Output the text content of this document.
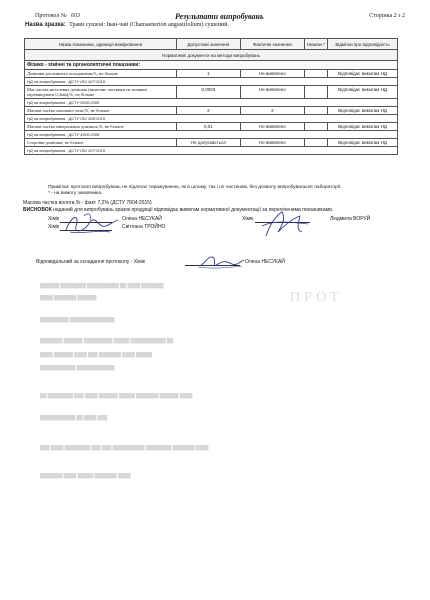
Протокол № 603	Результати випробувань	Сторінка 2 з 2
Назва зразка: Трави сушені: Іван-чай (Chamaenerion angustifolium) сушений.
Назва показника, одиниця вимірювання	Допустимі значення	Фактичні значення	Невизн.*	Відмітки про відповідність
Нормативні документи на методи випробувань				
Фізико - хімічні та органолептичні показники:				
Домішки рослинного походження,%, не більше	1	Не виявлено		Відповідає вимогам НД
НД на випробування : ДСТУ ISO 927:2015				
Мас.частка металевих домішок (включно частинки не повинні перевищувати 0,3мм),%, не більше	0,0003	Не виявлено		Відповідає вимогам НД
НД на випробування : ДСТУ 5020:2008				
Масова частка загальної золи,%, не більше	2	2		Відповідає вимогам НД
НД на випробування : ДСТУ ISO 928:2015				
Масова частка мінеральних домішок,%, не більше	0,01	Не виявлено		Відповідає вимогам НД
НД на випробування : ДСТУ 4910:2008				
Сторонні домішки, не більше	Не допускається	Не виявлено		Відповідає вимогам НД
НД на випробування : ДСТУ ISO 927:2015				
Примітки: протокол випробувань не підлягає тиражуванню, як в цілому, так і по частинам, без дозволу випробувальної лабораторії.
* - на вимогу замовника.
Масова частка вологи,% - факт 7,2% (ДСТУ 7804:2015)
ВИСНОВОК наданий для випробувань зразок продукції відповідає вимогам нормативної документації за переліченими показниками.
ПРОТ
██████ ████████ ██████████ ██ ████ ███████
████ ███████ ██████
█████████ ██████████████
███████ ██████ █████████ █████ ███████████ ██
████ ██████ ████ ███ ███████ ████ █████
███████████ ████████████
██ ████████ ███ ████ ██████ █████ ███████ ██████ ████
███████████ ██ ████ ███
███ ████ ████████ ███ ███ ██████████ ████████ ███████ ████
███████ ████ █████ ███████ ████
Хімік	Олена НЕСУКАЙ
Хімік	Світлана ТРОЙНО
Хімік	Людмила ВОРУЙ
Відповідальний за складання протоколу - Хімік	Олена НЕСУКАЙ
